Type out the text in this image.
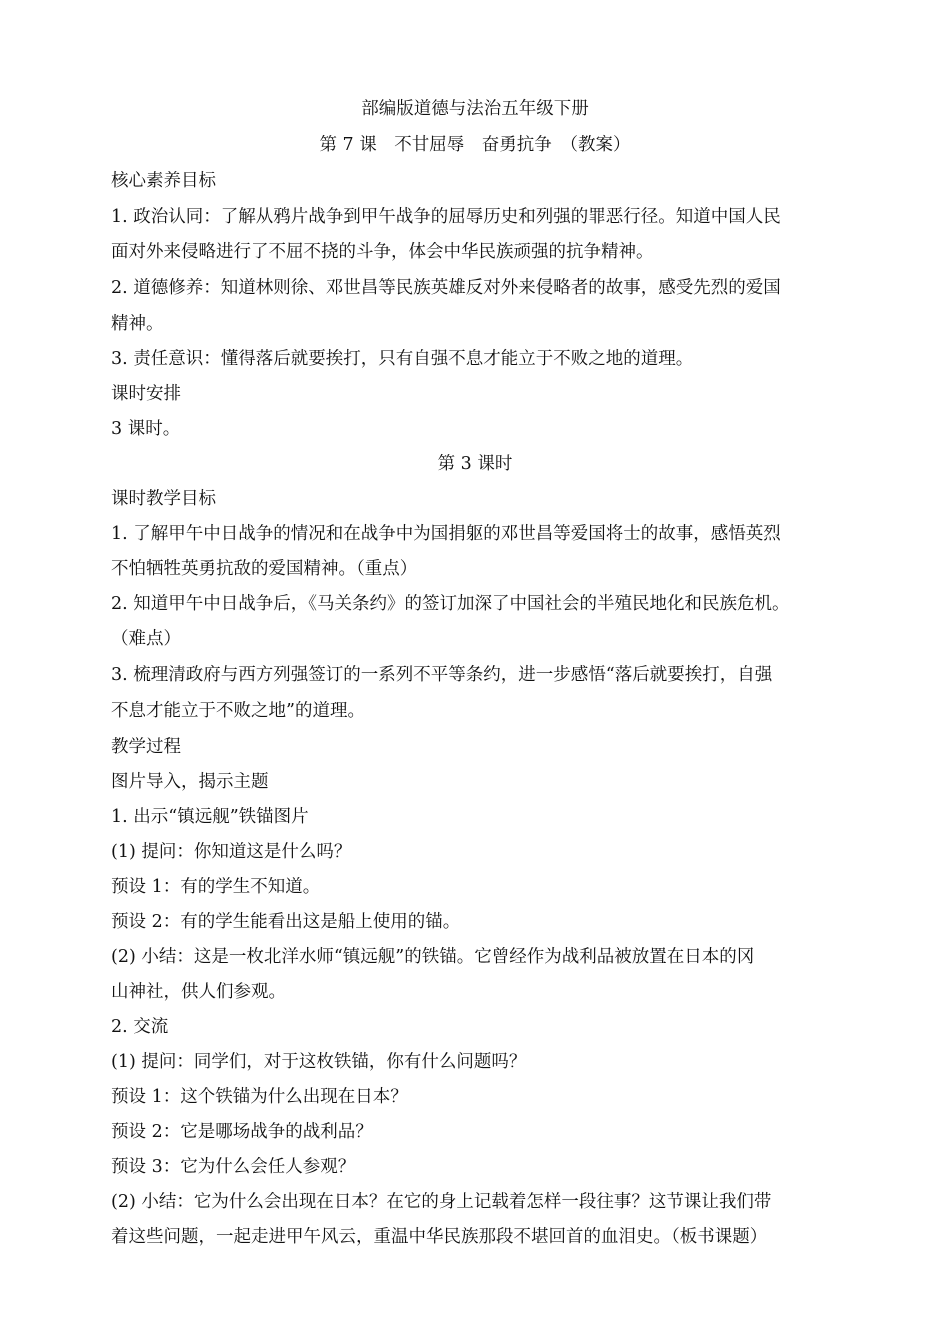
部编版道德与法治五年级下册
第 7 课　不甘屈辱　奋勇抗争　（教案）
核心素养目标
1. 政治认同：了解从鸦片战争到甲午战争的屈辱历史和列强的罪恶行径。知道中国人民
面对外来侵略进行了不屈不挠的斗争，体会中华民族顽强的抗争精神。
2. 道德修养：知道林则徐、邓世昌等民族英雄反对外来侵略者的故事，感受先烈的爱国
精神。
3. 责任意识：懂得落后就要挨打，只有自强不息才能立于不败之地的道理。
课时安排
3 课时。
第 3 课时
课时教学目标
1. 了解甲午中日战争的情况和在战争中为国捐躯的邓世昌等爱国将士的故事，感悟英烈
不怕牺牲英勇抗敌的爱国精神。（重点）
2. 知道甲午中日战争后，《马关条约》的签订加深了中国社会的半殖民地化和民族危机。
（难点）
3. 梳理清政府与西方列强签订的一系列不平等条约，进一步感悟“落后就要挨打，自强
不息才能立于不败之地”的道理。
教学过程
图片导入，揭示主题
1. 出示“镇远舰”铁锚图片
(1) 提问：你知道这是什么吗？
预设 1：有的学生不知道。
预设 2：有的学生能看出这是船上使用的锚。
(2) 小结：这是一枚北洋水师“镇远舰”的铁锚。它曾经作为战利品被放置在日本的冈
山神社，供人们参观。
2. 交流
(1) 提问：同学们，对于这枚铁锚，你有什么问题吗？
预设 1：这个铁锚为什么出现在日本？
预设 2：它是哪场战争的战利品？
预设 3：它为什么会任人参观？
(2) 小结：它为什么会出现在日本？在它的身上记载着怎样一段往事？这节课让我们带
着这些问题，一起走进甲午风云，重温中华民族那段不堪回首的血泪史。（板书课题）
